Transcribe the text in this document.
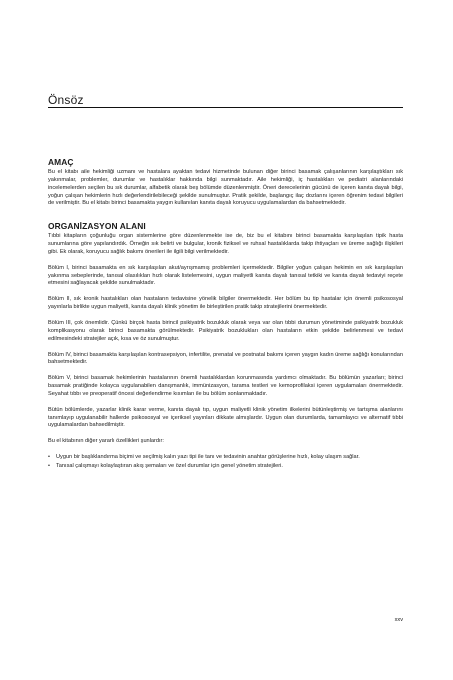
Önsöz
AMAÇ

Bu el kitabı aile hekimliği uzmanı ve hastalara ayaktan tedavi hizmetinde bulunan diğer birinci basamak çalışanlarının karşılaştıkları sık yakınmalar, problemler, durumlar ve hastalıklar hakkında bilgi sunmaktadır. Aile hekimliği, iç hastalıkları ve pediatri alanlarındaki incelemelerden seçilen bu sık durumlar, alfabetik olarak beş bölümde düzenlenmiştir. Öneri derecelerinin gücünü de içeren kanıta dayalı bilgi, yoğun çalışan hekimlerin hızlı değerlendirilebileceği şekilde sunulmuştur. Pratik şekilde, başlangıç ilaç dozlarını içeren öğrenim tedavi bilgileri de verilmiştir. Bu el kitabı birinci basamakta yaygın kullanılan kanıta dayalı koruyucu uygulamalardan da bahsetmektedir.

ORGANİZASYON ALANI

Tıbbi kitapların çoğunluğu organ sistemlerine göre düzenlenmekte ise de, biz bu el kitabını birinci basamakta karşılaşılan tipik hasta sunumlarına göre yapılandırdık. Örneğin sık belirti ve bulgular, kronik fiziksel ve ruhsal hastalıklarda takip ihtiyaçları ve üreme sağlığı ilişkileri gibi. Ek olarak, koruyucu sağlık bakımı önerileri ile ilgili bilgi verilmektedir.

Bölüm I, birinci basamakta en sık karşılaşılan akut/ayrışmamış problemleri içermektedir. Bilgiler yoğun çalışan hekimin en sık karşılaşılan yakınma sebeplerinde, tanısal olasılıkları hızlı olarak listelemesini, uygun maliyetli kanıta dayalı tanısal tetkiki ve kanıta dayalı tedaviyi reçete etmesini sağlayacak şekilde sunulmaktadır.

Bölüm II, sık kronik hastalıkları olan hastaların tedavisine yönelik bilgiler önermektedir. Her bölüm bu tip hastalar için önemli psikososyal yayınlarla birlikte uygun maliyetli, kanıta dayalı klinik yönetim ile birleştirilen pratik takip stratejilerini önermektedir.

Bölüm III, çok önemlidir. Çünkü birçok hasta birincil psikiyatrik bozukluk olarak veya var olan tıbbi durumun yönetiminde psikiyatrik bozukluk komplikasyonu olarak birinci basamakta görülmektedir. Psikiyatrik bozuklukları olan hastaların etkin şekilde belirlenmesi ve tedavi edilmesindeki stratejiler açık, kısa ve öz sunulmuştur.

Bölüm IV, birinci basamakta karşılaşılan kontrasepsiyon, infertilite, prenatal ve postnatal bakımı içeren yaygın kadın üreme sağlığı konularından bahsetmektedir.

Bölüm V, birinci basamak hekimlerinin hastalarının önemli hastalıklardan korunmasında yardımcı olmaktadır. Bu bölümün yazarları; birinci basamak pratiğinde kolayca uygulanabilen danışmanlık, immünizasyon, tarama testleri ve kemoprofilaksi içeren uygulamaları önermektedir. Seyahat tıbbı ve preoperatif öncesi değerlendirme kısımları ile bu bölüm sonlanmaktadır.

Bütün bölümlerde, yazarlar klinik karar verme, kanıta dayalı tıp, uygun maliyetli klinik yönetim ilkelerini bütünleştirmiş ve tartışma alanlarını tanımlayıp uygulanabilir hallerde psikososyal ve içeriksel yayınları dikkate almışlardır. Uygun olan durumlarda, tamamlayıcı ve alternatif tıbbi uygulamalardan bahsedilmiştir.

Bu el kitabının diğer yararlı özellikleri şunlardır:

• Uygun bir başlıklandırma biçimi ve seçilmiş kalın yazı tipi ile tanı ve tedavinin anahtar görüşlerine hızlı, kolay ulaşım sağlar.
• Tanısal çalışmayı kolaylaştıran akış şemaları ve özel durumlar için genel yönetim stratejileri.
xxv
